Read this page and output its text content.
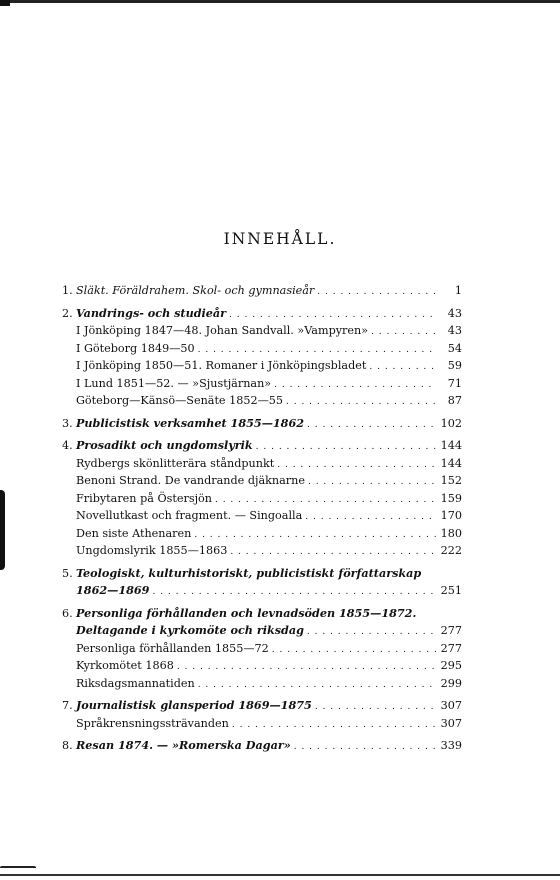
INNEHÅLL.
1. Släkt. Föräldrahem. Skol- och gymnasieår . . .	1
2. Vandrings- och studieår . . .	43
I Jönköping 1847—48. Johan Sandvall. »Vampyren» . . .	43
I Göteborg 1849—50 . . .	54
I Jönköping 1850—51. Romaner i Jönköpingsbladet . . .	59
I Lund 1851—52. — »Sjustjärnan» . . .	71
Göteborg—Känsö—Senäte 1852—55 . . .	87
3. Publicistisk verksamhet 1855—1862 . . .	102
4. Prosadikt och ungdomslyrik . . .	144
Rydbergs skönlitterära ståndpunkt . . .	144
Benoni Strand. De vandrande djäknarne . . .	152
Fribytaren på Östersjön . . .	159
Novellutkast och fragment. — Singoalla . . .	170
Den siste Athenaren . . .	180
Ungdomslyrik 1855—1863 . . .	222
5. Teologiskt, kulturhistoriskt, publicistiskt författarskap
1862—1869 . . .	251
6. Personliga förhållanden och levnadsöden 1855—1872.
Deltagande i kyrkomöte och riksdag . . .	277
Personliga förhållanden 1855—72 . . .	277
Kyrkomötet 1868 . . .	295
Riksdagsmannatiden . . .	299
7. Journalistisk glansperiod 1869—1875 . . .	307
Språkrensningssträvanden . . .	307
8. Resan 1874. — »Romerska Dagar» . . .	339
